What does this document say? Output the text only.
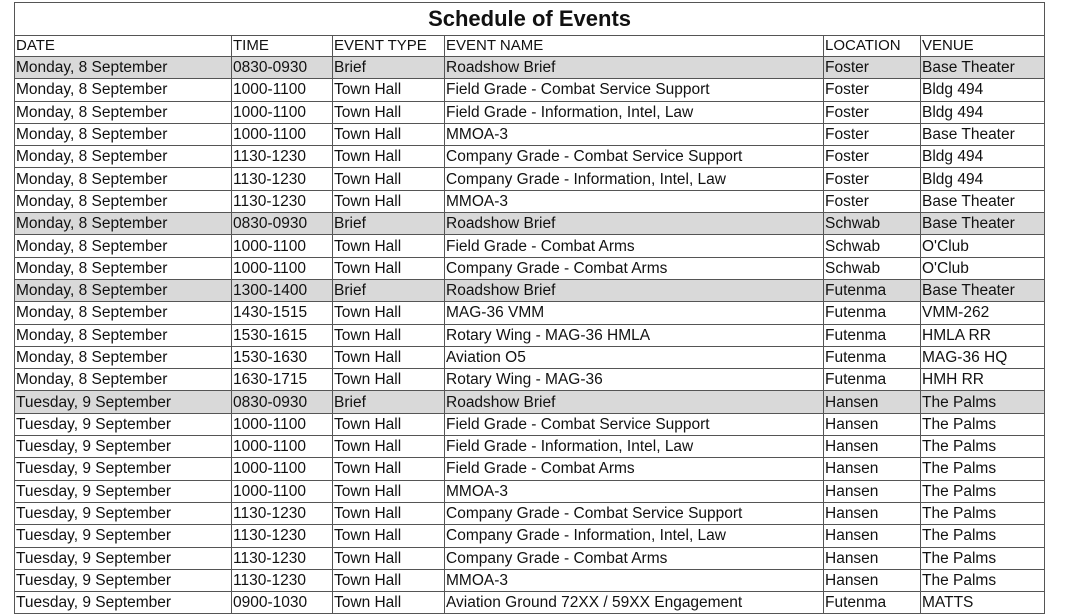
Schedule of Events					
DATE	TIME	EVENT TYPE	EVENT NAME	LOCATION	VENUE
Monday, 8 September	0830-0930	Brief	Roadshow Brief	Foster	Base Theater
Monday, 8 September	1000-1100	Town Hall	Field Grade - Combat Service Support	Foster	Bldg 494
Monday, 8 September	1000-1100	Town Hall	Field Grade - Information, Intel, Law	Foster	Bldg 494
Monday, 8 September	1000-1100	Town Hall	MMOA-3	Foster	Base Theater
Monday, 8 September	1130-1230	Town Hall	Company Grade - Combat Service Support	Foster	Bldg 494
Monday, 8 September	1130-1230	Town Hall	Company Grade - Information, Intel, Law	Foster	Bldg 494
Monday, 8 September	1130-1230	Town Hall	MMOA-3	Foster	Base Theater
Monday, 8 September	0830-0930	Brief	Roadshow Brief	Schwab	Base Theater
Monday, 8 September	1000-1100	Town Hall	Field Grade - Combat Arms	Schwab	O'Club
Monday, 8 September	1000-1100	Town Hall	Company Grade - Combat Arms	Schwab	O'Club
Monday, 8 September	1300-1400	Brief	Roadshow Brief	Futenma	Base Theater
Monday, 8 September	1430-1515	Town Hall	MAG-36 VMM	Futenma	VMM-262
Monday, 8 September	1530-1615	Town Hall	Rotary Wing - MAG-36 HMLA	Futenma	HMLA RR
Monday, 8 September	1530-1630	Town Hall	Aviation O5	Futenma	MAG-36 HQ
Monday, 8 September	1630-1715	Town Hall	Rotary Wing - MAG-36	Futenma	HMH RR
Tuesday, 9 September	0830-0930	Brief	Roadshow Brief	Hansen	The Palms
Tuesday, 9 September	1000-1100	Town Hall	Field Grade - Combat Service Support	Hansen	The Palms
Tuesday, 9 September	1000-1100	Town Hall	Field Grade - Information, Intel, Law	Hansen	The Palms
Tuesday, 9 September	1000-1100	Town Hall	Field Grade - Combat Arms	Hansen	The Palms
Tuesday, 9 September	1000-1100	Town Hall	MMOA-3	Hansen	The Palms
Tuesday, 9 September	1130-1230	Town Hall	Company Grade - Combat Service Support	Hansen	The Palms
Tuesday, 9 September	1130-1230	Town Hall	Company Grade - Information, Intel, Law	Hansen	The Palms
Tuesday, 9 September	1130-1230	Town Hall	Company Grade - Combat Arms	Hansen	The Palms
Tuesday, 9 September	1130-1230	Town Hall	MMOA-3	Hansen	The Palms
Tuesday, 9 September	0900-1030	Town Hall	Aviation Ground 72XX / 59XX Engagement	Futenma	MATTS
